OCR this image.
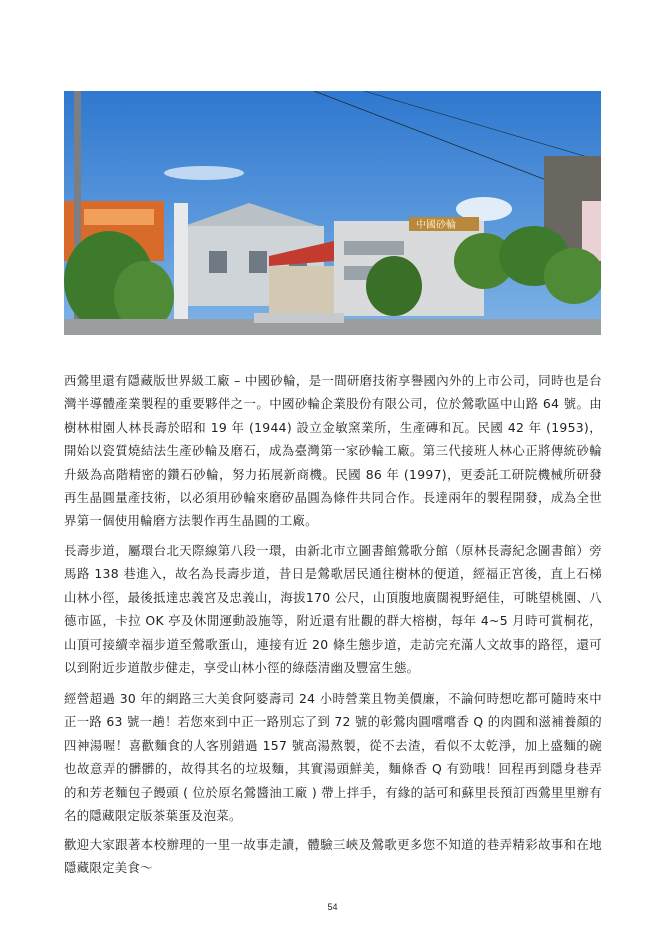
中國砂輪

西鶯里還有隱藏版世界級工廠 – 中國砂輪，是一間研磨技術享譽國內外的上市公司，同時也是台灣半導體產業製程的重要夥伴之一。中國砂輪企業股份有限公司，位於鶯歌區中山路 64 號。由樹林柑園人林長壽於昭和 19 年 (1944) 設立金敏窯業所，生產磚和瓦。民國 42 年 (1953)，開始以瓷質燒結法生產砂輪及磨石，成為臺灣第一家砂輪工廠。第三代接班人林心正將傳統砂輪升級為高階精密的鑽石砂輪，努力拓展新商機。民國 86 年 (1997)，更委託工研院機械所研發再生晶圓量產技術，以必須用砂輪來磨矽晶圓為條件共同合作。長達兩年的製程開發，成為全世界第一個使用輪磨方法製作再生晶圓的工廠。

長壽步道，屬環台北天際線第八段一環，由新北市立圖書館鶯歌分館（原林長壽紀念圖書館）旁馬路 138 巷進入，故名為長壽步道，昔日是鶯歌居民通往樹林的便道，經福正宮後，直上石梯山林小徑，最後抵達忠義宮及忠義山，海拔170 公尺，山頂腹地廣闊視野絕佳，可眺望桃園、八德市區，卡拉 OK 亭及休閒運動設施等，附近還有壯觀的群大榕樹，每年 4~5 月時可賞桐花，山頂可接續幸福步道至鶯歌蛋山，連接有近 20 條生態步道，走訪完充滿人文故事的路徑，還可以到附近步道散步健走，享受山林小徑的綠蔭清幽及豐富生態。

經營超過 30 年的網路三大美食阿婆壽司 24 小時營業且物美價廉，不論何時想吃都可隨時來中正一路 63 號一趟！若您來到中正一路別忘了到 72 號的彰鶯肉圓嚐嚐香 Q 的肉圓和滋補養顏的四神湯喔！喜歡麵食的人客別錯過 157 號高湯熬製，從不去渣，看似不太乾淨，加上盛麵的碗也故意弄的髒髒的，故得其名的垃圾麵，其實湯頭鮮美，麵條香 Q 有勁哦！回程再到隱身巷弄的和芳老麵包子饅頭 ( 位於原名鶯醬油工廠 ) 帶上拌手，有緣的話可和蘇里長預訂西鶯里里辦有名的隱藏限定版茶葉蛋及泡菜。

歡迎大家跟著本校辦理的一里一故事走讀，體驗三峽及鶯歌更多您不知道的巷弄精彩故事和在地隱藏限定美食～

54
